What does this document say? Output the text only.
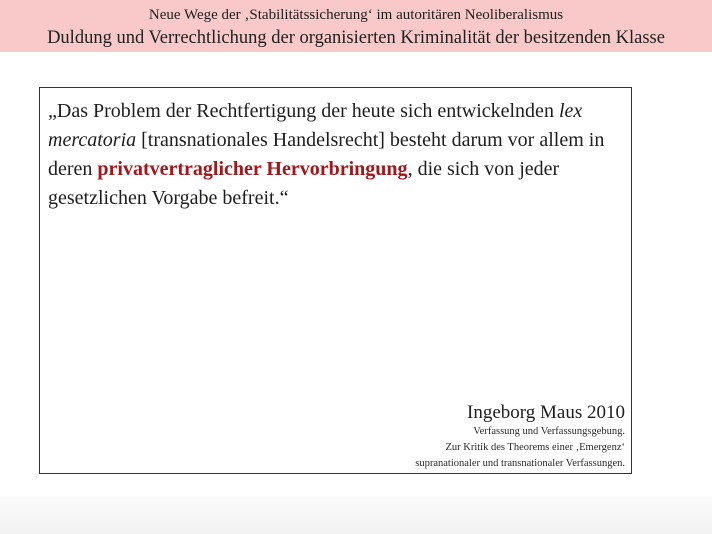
Neue Wege der ‚Stabilitätssicherung‘ im autoritären Neoliberalismus
Duldung und Verrechtlichung der organisierten Kriminalität der besitzenden Klasse
„Das Problem der Rechtfertigung der heute sich entwickelnden lex mercatoria [transnationales Handelsrecht] besteht darum vor allem in deren privatvertraglicher Hervorbringung, die sich von jeder gesetzlichen Vorgabe befreit.“
Ingeborg Maus 2010
Verfassung und Verfassungsgebung.
Zur Kritik des Theorems einer ‚Emergenz‘
supranationaler und transnationaler Verfassungen.
